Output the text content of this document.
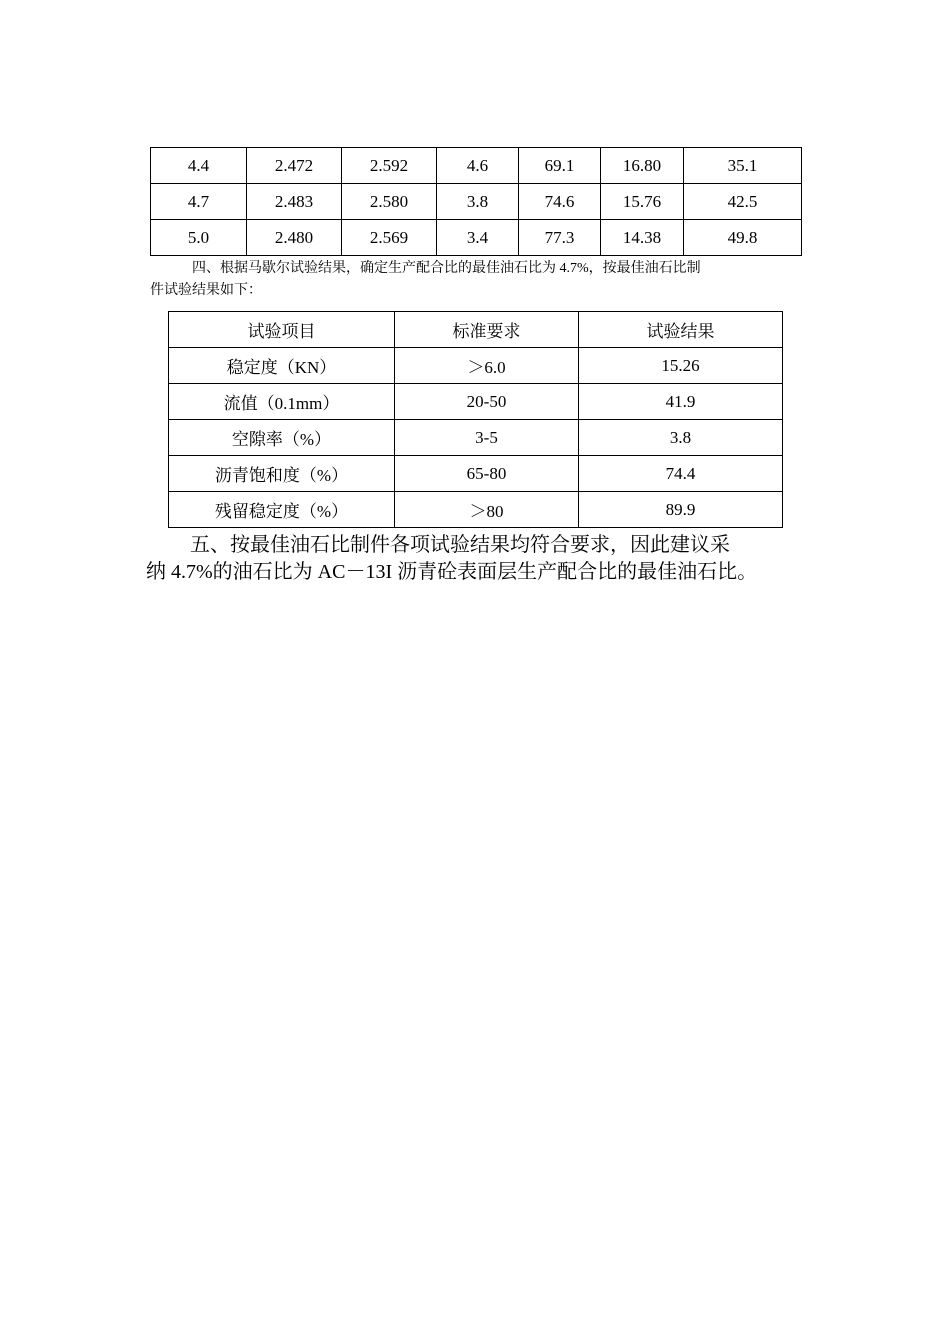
4.4	2.472	2.592	4.6	69.1	16.80	35.1
4.7	2.483	2.580	3.8	74.6	15.76	42.5
5.0	2.480	2.569	3.4	77.3	14.38	49.8

四、根据马歇尔试验结果，确定生产配合比的最佳油石比为 4.7%，按最佳油石比制
件试验结果如下：

试验项目	标准要求	试验结果
稳定度（KN）	＞6.0	15.26
流值（0.1mm）	20-50	41.9
空隙率（%）	3-5	3.8
沥青饱和度（%）	65-80	74.4
残留稳定度（%）	＞80	89.9

五、按最佳油石比制件各项试验结果均符合要求，因此建议采
纳 4.7%的油石比为 AC－13I 沥青砼表面层生产配合比的最佳油石比。
